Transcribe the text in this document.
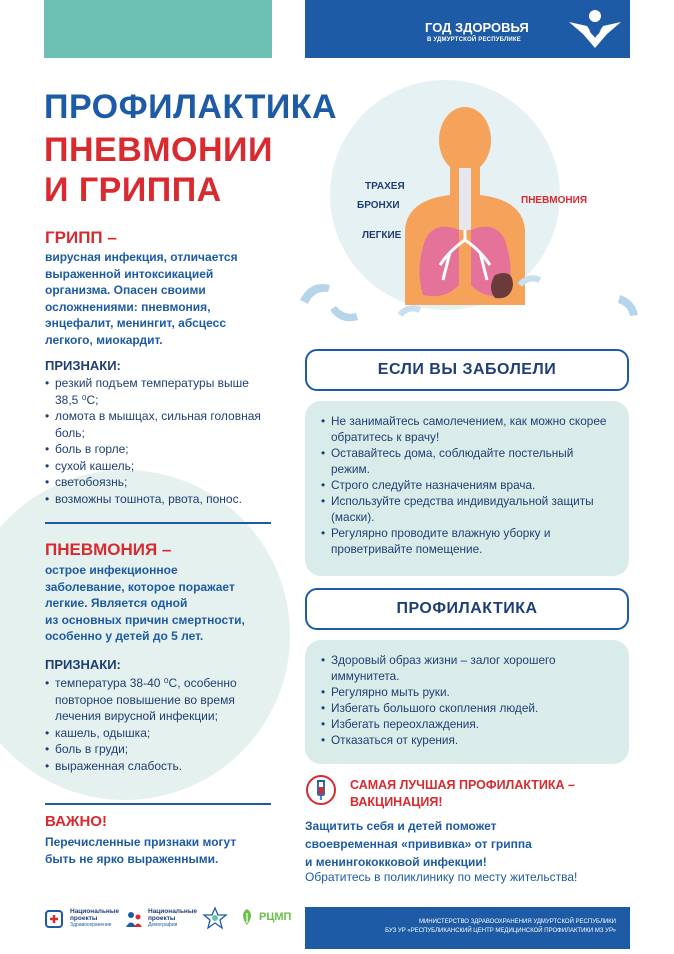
ГОД ЗДОРОВЬЯ
В УДМУРТСКОЙ РЕСПУБЛИКЕ
ПРОФИЛАКТИКА
ПНЕВМОНИИ
И ГРИППА	ТРАХЕЯ
БРОНХИ
ЛЕГКИЕ
ПНЕВМОНИЯ
ГРИПП –
вирусная инфекция, отличается
выраженной интоксикацией
организма. Опасен своими
осложнениями: пневмония,
энцефалит, менингит, абсцесс
легкого, миокардит.
ПРИЗНАКИ:
• резкий подъем температуры выше 38,5 ⁰С;
• ломота в мышцах, сильная головная боль;
• боль в горле;
• сухой кашель;
• светобоязнь;
• возможны тошнота, рвота, понос.
ПНЕВМОНИЯ –
острое инфекционное
заболевание, которое поражает
легкие. Является одной
из основных причин смертности,
особенно у детей до 5 лет.
ПРИЗНАКИ:
• температура 38-40 ⁰С, особенно повторное повышение во время лечения вирусной инфекции;
• кашель, одышка;
• боль в груди;
• выраженная слабость.
ВАЖНО!
Перечисленные признаки могут
быть не ярко выраженными.
ЕСЛИ ВЫ ЗАБОЛЕЛИ
• Не занимайтесь самолечением, как можно скорее обратитесь к врачу!
• Оставайтесь дома, соблюдайте постельный режим.
• Строго следуйте назначениям врача.
• Используйте средства индивидуальной защиты (маски).
• Регулярно проводите влажную уборку и проветривайте помещение.
ПРОФИЛАКТИКА
• Здоровый образ жизни – залог хорошего иммунитета.
• Регулярно мыть руки.
• Избегать большого скопления людей.
• Избегать переохлаждения.
• Отказаться от курения.
САМАЯ ЛУЧШАЯ ПРОФИЛАКТИКА –
ВАКЦИНАЦИЯ!
Защитить себя и детей поможет
своевременная «прививка» от гриппа
и менингококковой инфекции!
Обратитесь в поликлинику по месту жительства!
Национальные
проекты
Здравоохранение
Национальные
проекты
Демография
РЦМП	МИНИСТЕРСТВО ЗДРАВООХРАНЕНИЯ УДМУРТСКОЙ РЕСПУБЛИКИ
БУЗ УР «РЕСПУБЛИКАНСКИЙ ЦЕНТР МЕДИЦИНСКОЙ ПРОФИЛАКТИКИ МЗ УР»
